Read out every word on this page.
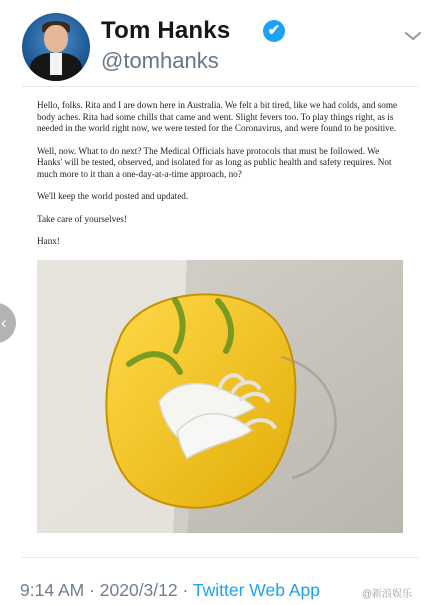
Tom Hanks	✔
@tomhanks

Hello, folks. Rita and I are down here in Australia. We felt a bit tired, like we had colds, and some body aches. Rita had some chills that came and went. Slight fevers too. To play things right, as is needed in the world right now, we were tested for the Coronavirus, and were found to be positive.

Well, now. What to do next? The Medical Officials have protocols that must be followed. We Hanks' will be tested, observed, and isolated for as long as public health and safety requires. Not much more to it than a one-day-at-a-time approach, no?

We'll keep the world posted and updated.

Take care of yourselves!

Hanx!

‹
9:14 AM · 2020/3/12 · Twitter Web App	@新浪娱乐
